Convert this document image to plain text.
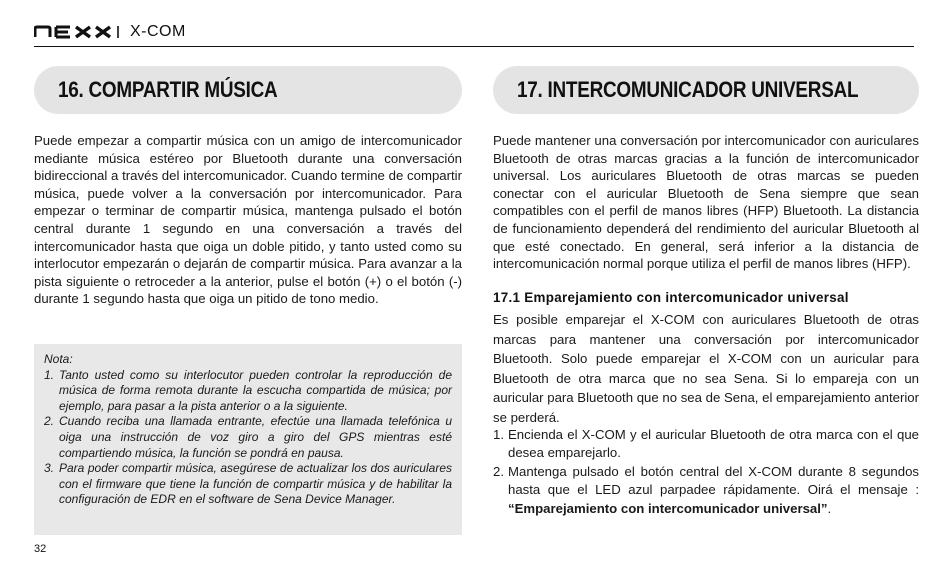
X-COM
16. COMPARTIR MÚSICA	17. INTERCOMUNICADOR UNIVERSAL

Puede empezar a compartir música con un amigo de intercomunicador mediante música estéreo por Bluetooth durante una conversación bidireccional a través del intercomunicador. Cuando termine de compartir música, puede volver a la conversación por intercomunicador. Para empezar o terminar de compartir música, mantenga pulsado el botón central durante 1 segundo en una conversación a través del intercomunicador hasta que oiga un doble pitido, y tanto usted como su interlocutor empezarán o dejarán de compartir música. Para avanzar a la pista siguiente o retroceder a la anterior, pulse el botón (+) o el botón (-) durante 1 segundo hasta que oiga un pitido de tono medio.

Nota:
1. Tanto usted como su interlocutor pueden controlar la reproducción de música de forma remota durante la escucha compartida de música; por ejemplo, para pasar a la pista anterior o a la siguiente.
2. Cuando reciba una llamada entrante, efectúe una llamada telefónica u oiga una instrucción de voz giro a giro del GPS mientras esté compartiendo música, la función se pondrá en pausa.
3. Para poder compartir música, asegúrese de actualizar los dos auriculares con el firmware que tiene la función de compartir música y de habilitar la configuración de EDR en el software de Sena Device Manager.

Puede mantener una conversación por intercomunicador con auriculares Bluetooth de otras marcas gracias a la función de intercomunicador universal. Los auriculares Bluetooth de otras marcas se pueden conectar con el auricular Bluetooth de Sena siempre que sean compatibles con el perfil de manos libres (HFP) Bluetooth. La distancia de funcionamiento dependerá del rendimiento del auricular Bluetooth al que esté conectado. En general, será inferior a la distancia de intercomunicación normal porque utiliza el perfil de manos libres (HFP).

17.1 Emparejamiento con intercomunicador universal

Es posible emparejar el X-COM con auriculares Bluetooth de otras marcas para mantener una conversación por intercomunicador Bluetooth. Solo puede emparejar el X-COM con un auricular para Bluetooth de otra marca que no sea Sena. Si lo empareja con un auricular para Bluetooth que no sea de Sena, el emparejamiento anterior se perderá.

1. Encienda el X-COM y el auricular Bluetooth de otra marca con el que desea emparejarlo.
2. Mantenga pulsado el botón central del X-COM durante 8 segundos hasta que el LED azul parpadee rápidamente. Oirá el mensaje : “Emparejamiento con intercomunicador universal”.
32
